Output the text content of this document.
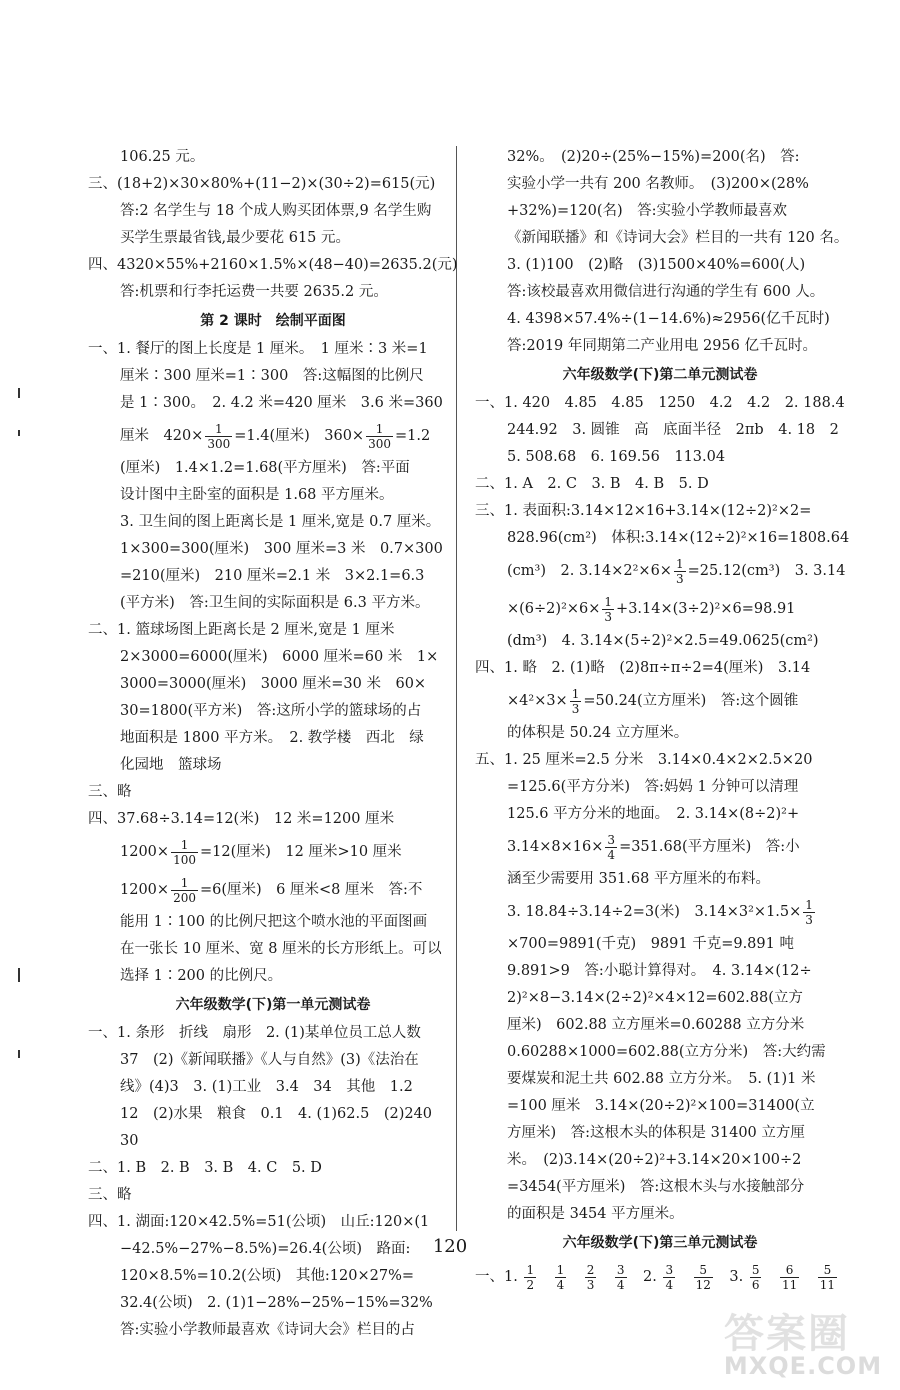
106.25 元。
三、(18+2)×30×80%+(11−2)×(30÷2)=615(元)
答:2 名学生与 18 个成人购买团体票,9 名学生购
买学生票最省钱,最少要花 615 元。
四、4320×55%+2160×1.5%×(48−40)=2635.2(元)
答:机票和行李托运费一共要 2635.2 元。
第 2 课时　绘制平面图
一、1. 餐厅的图上长度是 1 厘米。　1 厘米∶3 米=1
厘米∶300 厘米=1∶300　答:这幅图的比例尺
是 1∶300。　2. 4.2 米=420 厘米　3.6 米=360
厘米　$420\times \frac{1}{300} =1.4$(厘米)　$360\times \frac{1}{300} =1.2$
(厘米)　1.4×1.2=1.68(平方厘米)　答:平面
设计图中主卧室的面积是 1.68 平方厘米。
3. 卫生间的图上距离长是 1 厘米,宽是 0.7 厘米。
1×300=300(厘米)　300 厘米=3 米　0.7×300
=210(厘米)　210 厘米=2.1 米　3×2.1=6.3
(平方米)　答:卫生间的实际面积是 6.3 平方米。
二、1. 篮球场图上距离长是 2 厘米,宽是 1 厘米
2×3000=6000(厘米)　6000 厘米=60 米　1×
3000=3000(厘米)　3000 厘米=30 米　60×
30=1800(平方米)　答:这所小学的篮球场的占
地面积是 1800 平方米。　2. 教学楼　西北　绿
化园地　篮球场
三、略
四、37.68÷3.14=12(米)　12 米=1200 厘米
$1200\times \frac{1}{100} =12$(厘米)　12 厘米>10 厘米
$1200\times \frac{1}{200} =6$(厘米)　6 厘米<8 厘米　答:不
能用 1∶100 的比例尺把这个喷水池的平面图画
在一张长 10 厘米、宽 8 厘米的长方形纸上。可以
选择 1∶200 的比例尺。
六年级数学(下)第一单元测试卷
一、1. 条形　折线　扇形　2. (1)某单位员工总人数
37　(2)《新闻联播》《人与自然》(3)《法治在
线》(4)3　3. (1)工业　3.4　34　其他　1.2
12　(2)水果　粮食　0.1　4. (1)62.5　(2)240
30
二、1. B　2. B　3. B　4. C　5. D
三、略
四、1. 湖面:120×42.5%=51(公顷)　山丘:120×(1
−42.5%−27%−8.5%)=26.4(公顷)　路面:
120×8.5%=10.2(公顷)　其他:120×27%=
32.4(公顷)　2. (1)1−28%−25%−15%=32%
答:实验小学教师最喜欢《诗词大会》栏目的占
32%。　(2)20÷(25%−15%)=200(名)　答:
实验小学一共有 200 名教师。　(3)200×(28%
+32%)=120(名)　答:实验小学教师最喜欢
《新闻联播》和《诗词大会》栏目的一共有 120 名。
3. (1)100　(2)略　(3)1500×40%=600(人)
答:该校最喜欢用微信进行沟通的学生有 600 人。
4. 4398×57.4%÷(1−14.6%)≈2956(亿千瓦时)
答:2019 年同期第二产业用电 2956 亿千瓦时。
六年级数学(下)第二单元测试卷
一、1. 420　4.85　4.85　1250　4.2　4.2　2. 188.4
244.92　3. 圆锥　高　底面半径　2πb　4. 18　2
5. 508.68　6. 169.56　113.04
二、1. A　2. C　3. B　4. B　5. D
三、1. 表面积:3.14×12×16+3.14×(12÷2)²×2=
828.96(cm²)　体积:3.14×(12÷2)²×16=1808.64
(cm³)　2. $3.14\times 2^2\times 6\times \frac{1}{3} =25.12(cm^3)$　3. 3.14
$\times(6\div 2)^2\times 6\times \frac{1}{3} +3.14\times(3\div 2)^2\times 6=98.91$
(dm³)　4. 3.14×(5÷2)²×2.5=49.0625(cm²)
四、1. 略　2. (1)略　(2)8π÷π÷2=4(厘米)　3.14
$\times 4^2\times 3\times \frac{1}{3} =50.24$(立方厘米)　答:这个圆锥
的体积是 50.24 立方厘米。
五、1. 25 厘米=2.5 分米　3.14×0.4×2×2.5×20
=125.6(平方分米)　答:妈妈 1 分钟可以清理
125.6 平方分米的地面。　2. 3.14×(8÷2)²+
$3.14\times 8\times 16\times \frac{3}{4} =351.68$(平方厘米)　答:小
涵至少需要用 351.68 平方厘米的布料。
3. 18.84÷3.14÷2=3(米)　$3.14\times 3^2\times 1.5\times \frac{1}{3}$
×700=9891(千克)　9891 千克=9.891 吨
9.891>9　答:小聪计算得对。　4. 3.14×(12÷
2)²×8−3.14×(2÷2)²×4×12=602.88(立方
厘米)　602.88 立方厘米=0.60288 立方分米
0.60288×1000=602.88(立方分米)　答:大约需
要煤炭和泥土共 602.88 立方分米。　5. (1)1 米
=100 厘米　3.14×(20÷2)²×100=31400(立
方厘米)　答:这根木头的体积是 31400 立方厘
米。　(2)3.14×(20÷2)²+3.14×20×100÷2
=3454(平方厘米)　答:这根木头与水接触部分
的面积是 3454 平方厘米。
六年级数学(下)第三单元测试卷
一、1. $\frac{1}{2}$
　 $\frac{1}{4}$
　 $\frac{2}{3}$
　 $\frac{3}{4}$ 　2. $\frac{3}{4}$
　 $\frac{5}{12}$ 　3. $\frac{5}{6}$
　 $\frac{6}{11}$
　 $\frac{5}{11}$
120
答案圈
MXQE.COM
